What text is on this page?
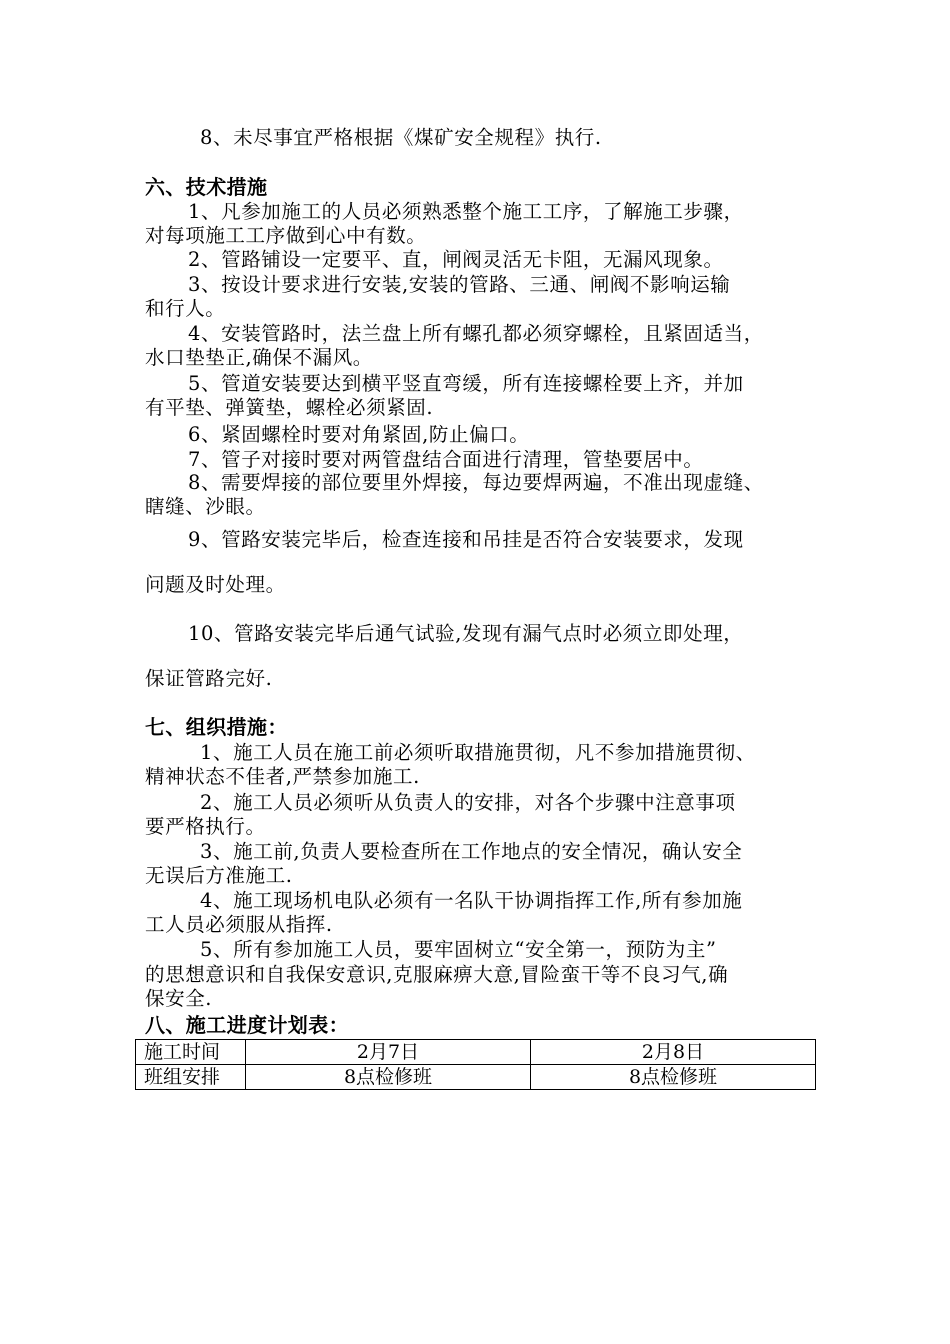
8、未尽事宜严格根据《煤矿安全规程》执行.
六、技术措施
1、凡参加施工的人员必须熟悉整个施工工序，了解施工步骤，
对每项施工工序做到心中有数。
2、管路铺设一定要平、直，闸阀灵活无卡阻，无漏风现象。
3、按设计要求进行安装,安装的管路、三通、闸阀不影响运输
和行人。
4、安装管路时，法兰盘上所有螺孔都必须穿螺栓，且紧固适当，
水口垫垫正,确保不漏风。
5、管道安装要达到横平竖直弯缓，所有连接螺栓要上齐，并加
有平垫、弹簧垫，螺栓必须紧固.
6、紧固螺栓时要对角紧固,防止偏口。
7、管子对接时要对两管盘结合面进行清理，管垫要居中。
8、需要焊接的部位要里外焊接，每边要焊两遍，不准出现虚缝、
瞎缝、沙眼。
9、管路安装完毕后，检查连接和吊挂是否符合安装要求，发现
问题及时处理。
10、管路安装完毕后通气试验,发现有漏气点时必须立即处理，
保证管路完好.
七、组织措施：
1、施工人员在施工前必须听取措施贯彻，凡不参加措施贯彻、
精神状态不佳者,严禁参加施工.
2、施工人员必须听从负责人的安排，对各个步骤中注意事项
要严格执行。
3、施工前,负责人要检查所在工作地点的安全情况，确认安全
无误后方准施工.
4、施工现场机电队必须有一名队干协调指挥工作,所有参加施
工人员必须服从指挥.
5、所有参加施工人员，要牢固树立“安全第一，预防为主”
的思想意识和自我保安意识,克服麻痹大意,冒险蛮干等不良习气,确
保安全.
八、施工进度计划表：
施工时间	2月7日	2月8日
班组安排	8点检修班	8点检修班
